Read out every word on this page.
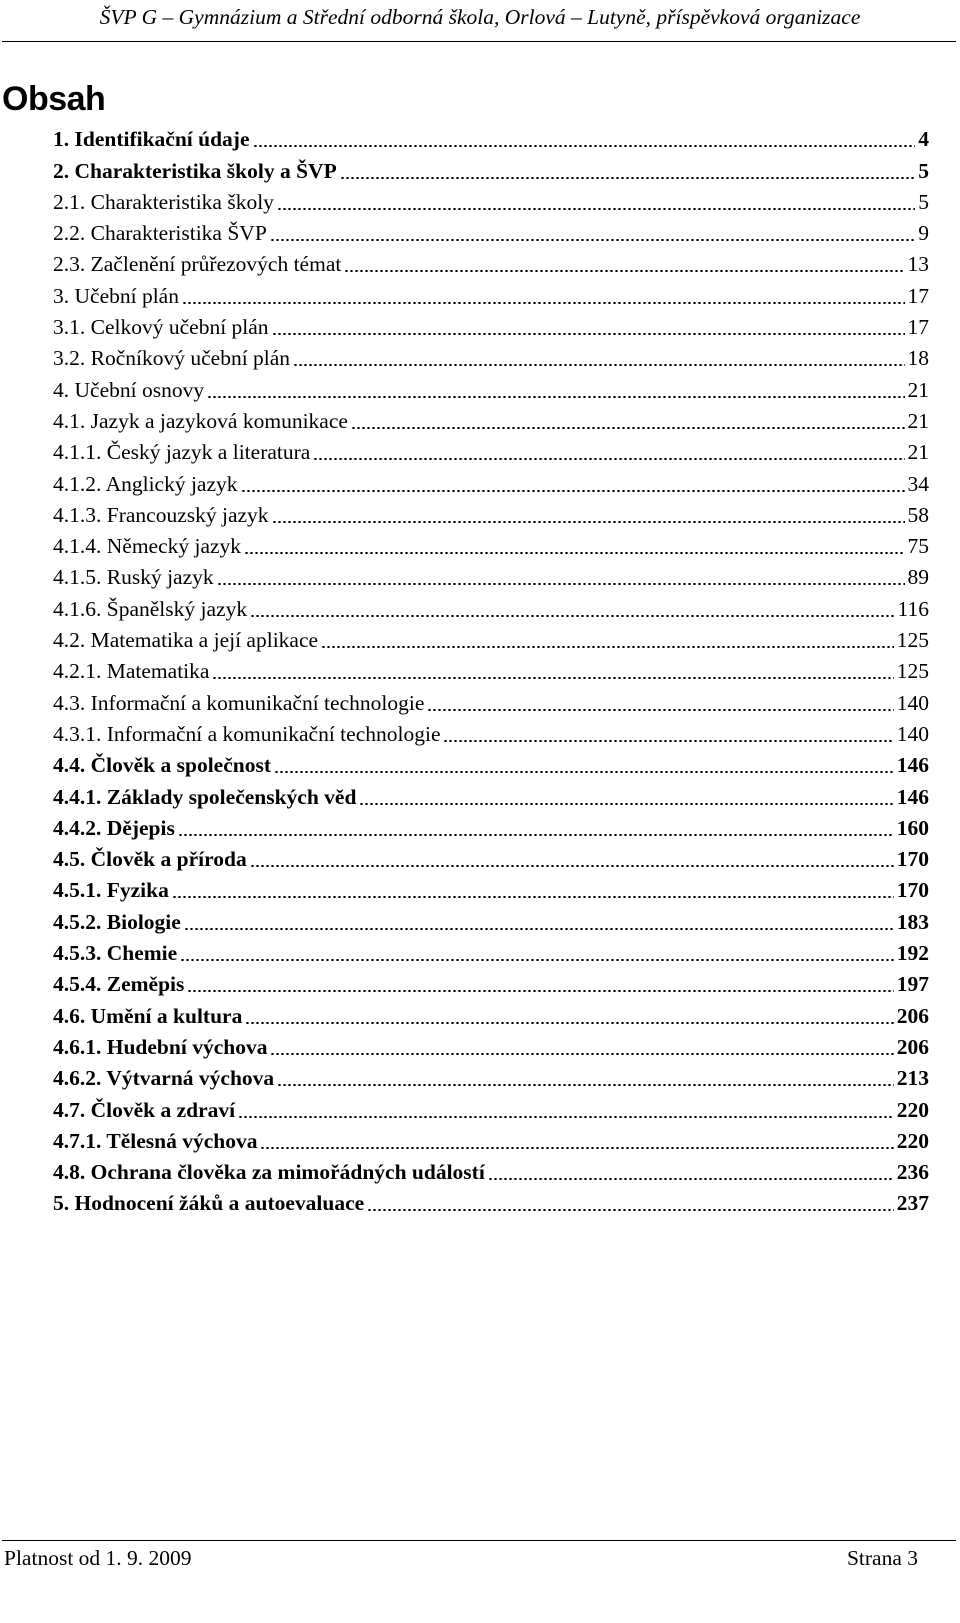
ŠVP G – Gymnázium a Střední odborná škola, Orlová – Lutyně, příspěvková organizace
Obsah
1. Identifikační údaje	4
2. Charakteristika školy a ŠVP	5
2.1. Charakteristika školy	5
2.2. Charakteristika ŠVP	9
2.3. Začlenění průřezových témat	13
3. Učební plán	17
3.1. Celkový učební plán	17
3.2. Ročníkový učební plán	18
4. Učební osnovy	21
4.1. Jazyk a jazyková komunikace	21
4.1.1. Český jazyk a literatura	21
4.1.2. Anglický jazyk	34
4.1.3. Francouzský jazyk	58
4.1.4. Německý jazyk	75
4.1.5. Ruský jazyk	89
4.1.6. Španělský jazyk	116
4.2. Matematika a její aplikace	125
4.2.1. Matematika	125
4.3. Informační a komunikační technologie	140
4.3.1. Informační a komunikační technologie	140
4.4. Člověk a společnost	146
4.4.1. Základy společenských věd	146
4.4.2. Dějepis	160
4.5. Člověk a příroda	170
4.5.1. Fyzika	170
4.5.2. Biologie	183
4.5.3. Chemie	192
4.5.4. Zeměpis	197
4.6. Umění a kultura	206
4.6.1. Hudební výchova	206
4.6.2. Výtvarná výchova	213
4.7. Člověk a zdraví	220
4.7.1. Tělesná výchova	220
4.8. Ochrana člověka za mimořádných událostí	236
5. Hodnocení žáků a autoevaluace	237
Platnost od 1. 9. 2009	Strana 3
